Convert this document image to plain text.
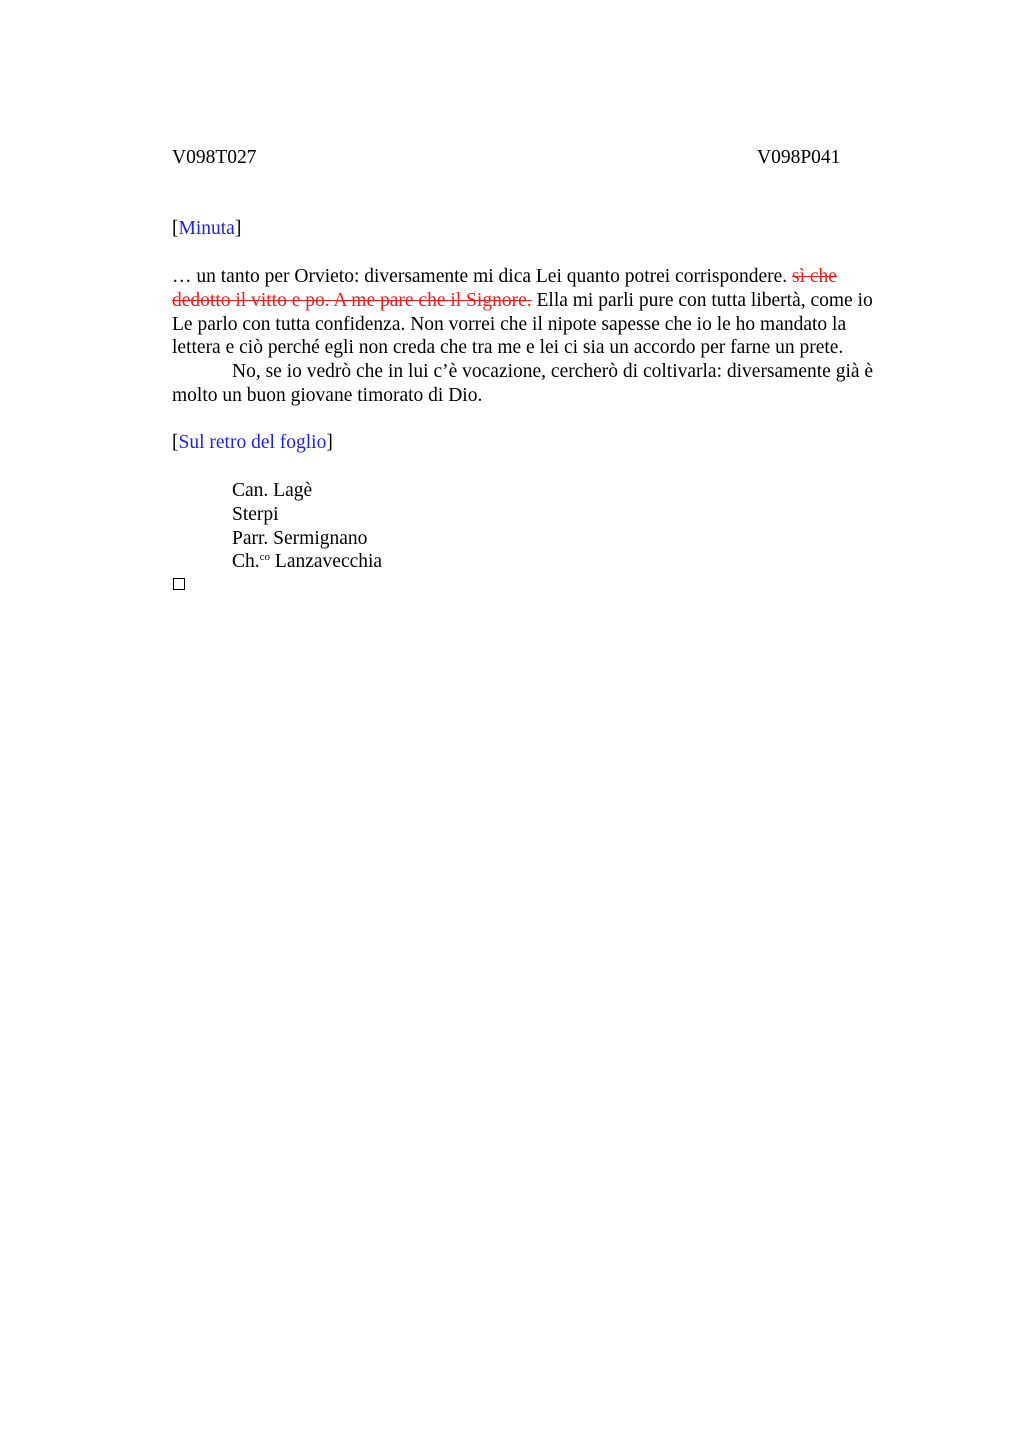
V098T027	V098P041
[Minuta]
… un tanto per Orvieto: diversamente mi dica Lei quanto potrei corrispondere. sì che
dedotto il vitto e po. A me pare che il Signore. Ella mi parli pure con tutta libertà, come io
Le parlo con tutta confidenza. Non vorrei che il nipote sapesse che io le ho mandato la
lettera e ciò perché egli non creda che tra me e lei ci sia un accordo per farne un prete.
No, se io vedrò che in lui c’è vocazione, cercherò di coltivarla: diversamente già è
molto un buon giovane timorato di Dio.
[Sul retro del foglio]
Can. Lagè
Sterpi
Parr. Sermignano
Ch.$^{co}$ Lanzavecchia
